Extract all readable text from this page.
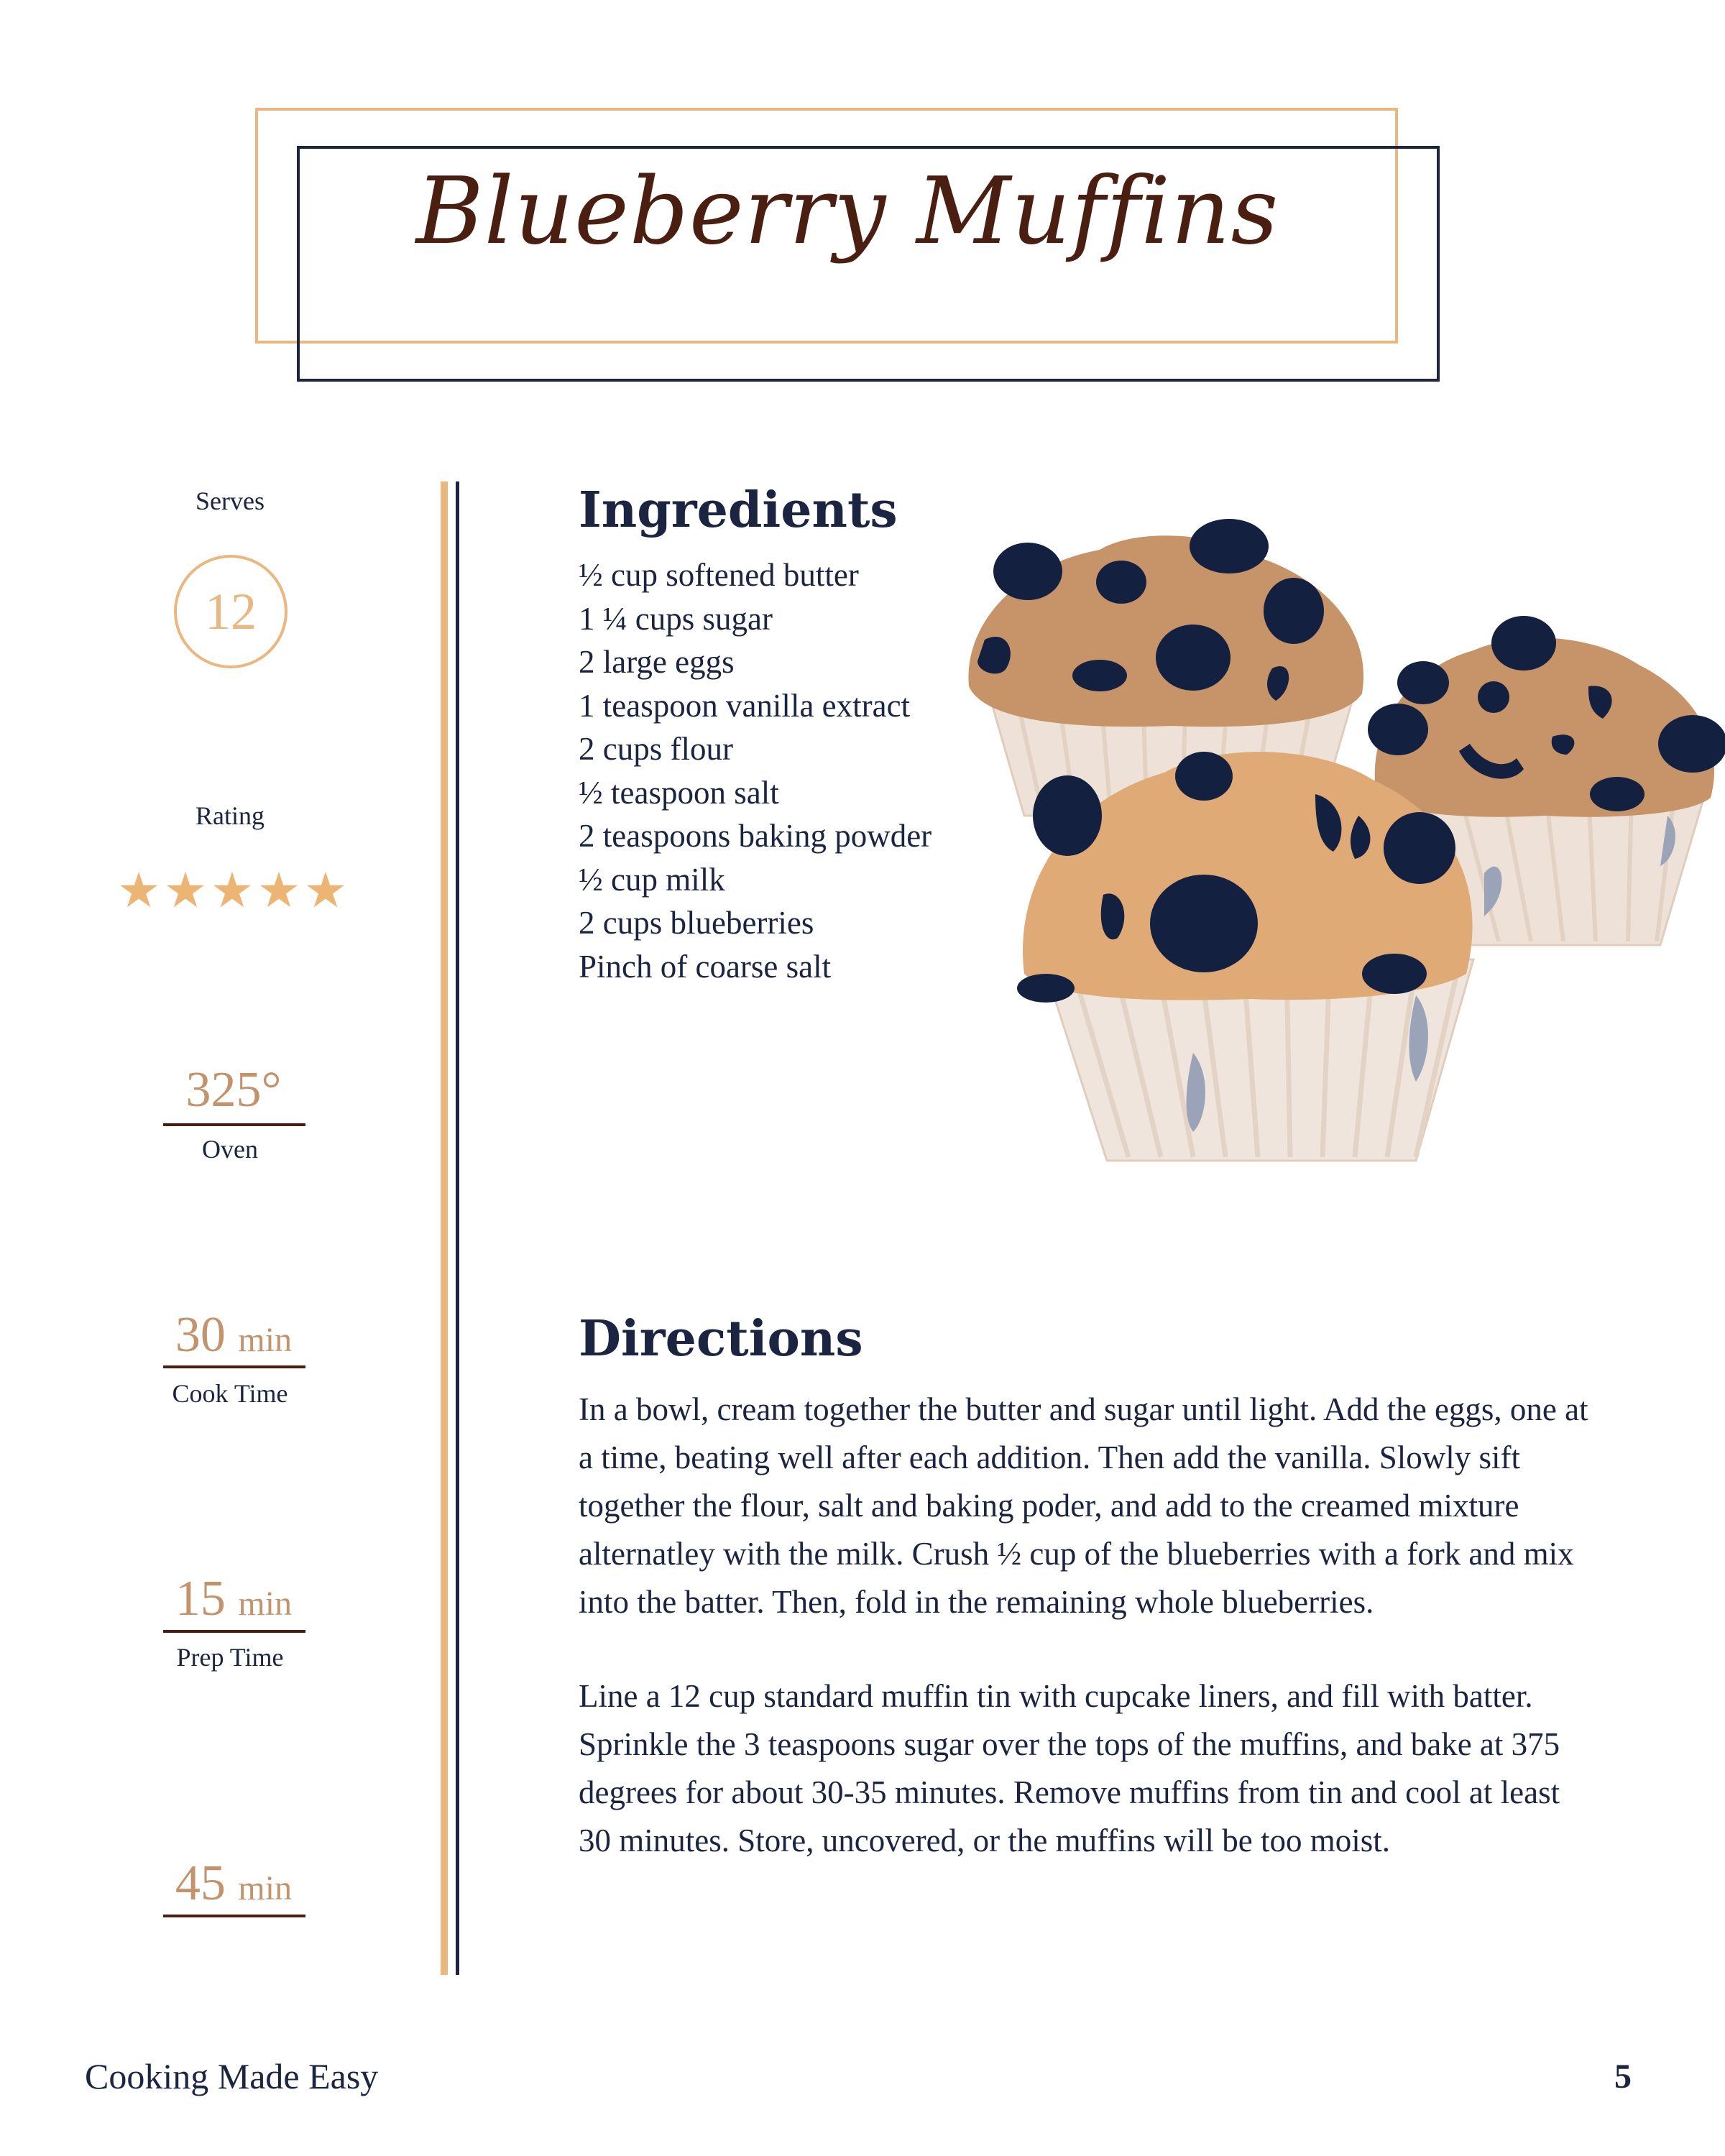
Blueberry Muffins
Serves
12
Rating
★★★★★
325°
Oven
30 min
Cook Time
15 min
Prep Time
45 min
Ingredients
½ cup softened butter
1 ¼ cups sugar
2 large eggs
1 teaspoon vanilla extract
2 cups flour
½ teaspoon salt
2 teaspoons baking powder
½ cup milk
2 cups blueberries
Pinch of coarse salt
Directions

In a bowl, cream together the butter and sugar until light. Add the eggs, one at a time, beating well after each addition. Then add the vanilla. Slowly sift together the flour, salt and baking poder, and add to the creamed mixture alternatley with the milk. Crush ½ cup of the blueberries with a fork and mix into the batter. Then, fold in the remaining whole blueberries.

Line a 12 cup standard muffin tin with cupcake liners, and fill with batter. Sprinkle the 3 teaspoons sugar over the tops of the muffins, and bake at 375 degrees for about 30-35 minutes. Remove muffins from tin and cool at least 30 minutes. Store, uncovered, or the muffins will be too moist.

Cooking Made Easy	5
